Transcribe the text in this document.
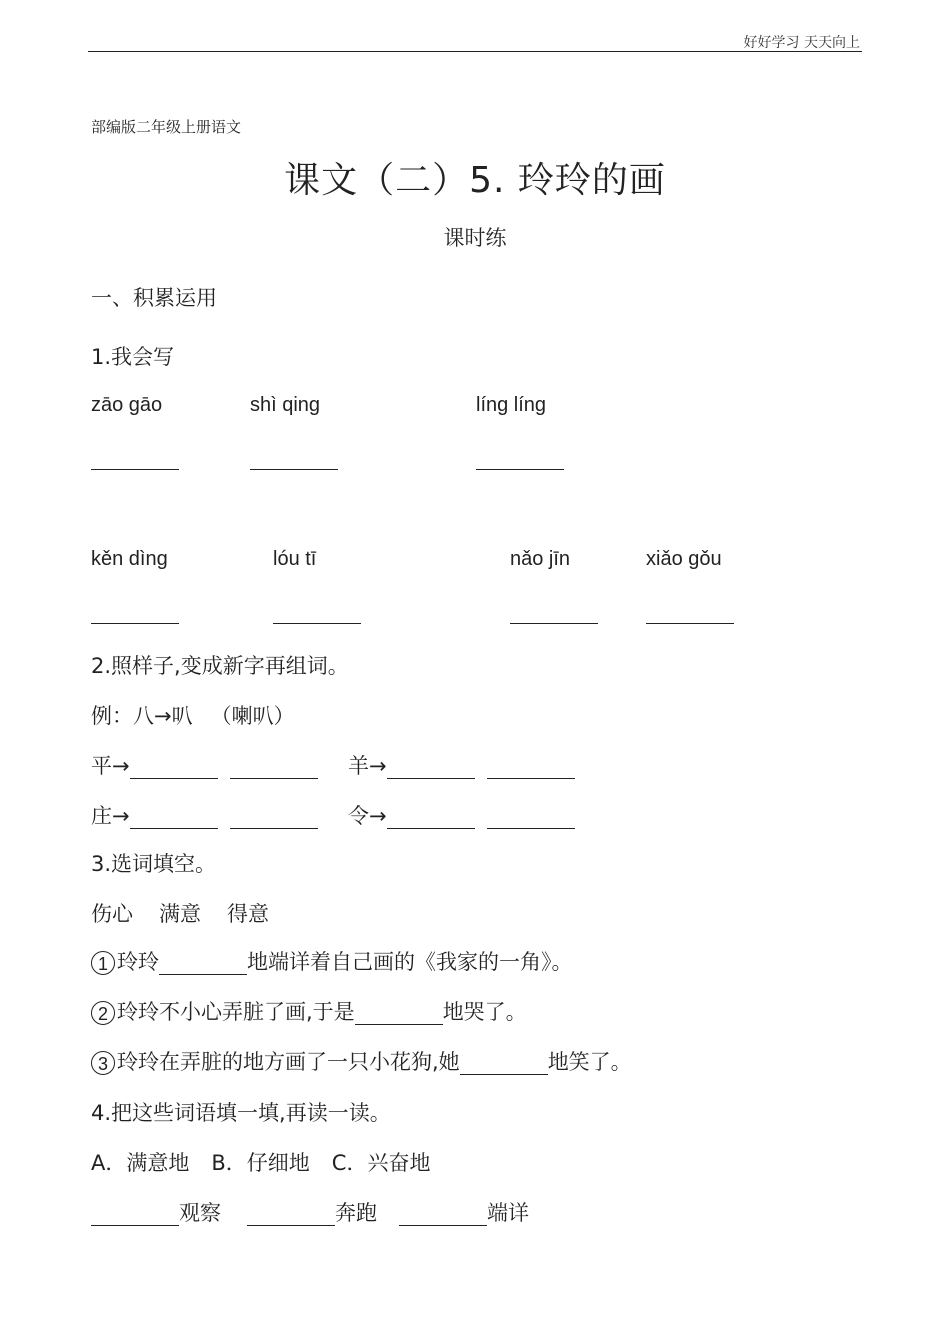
好好学习 天天向上
部编版二年级上册语文
课文（二）5. 玲玲的画
课时练
一、积累运用
1.我会写
zāo gāo	shì qing	líng líng
kěn dìng	lóu tī	nǎo jīn	xiǎo gǒu
2.照样子,变成新字再组词。
例：八→叭 （喇叭）
平→	羊→
庄→	令→
3.选词填空。
伤心 满意 得意
1 玲玲	地端详着自己画的《我家的一角》。
2 玲玲不小心弄脏了画,于是	地哭了。
3 玲玲在弄脏的地方画了一只小花狗,她	地笑了。
4.把这些词语填一填,再读一读。
A．满意地 B．仔细地 C．兴奋地
观察	奔跑	端详
